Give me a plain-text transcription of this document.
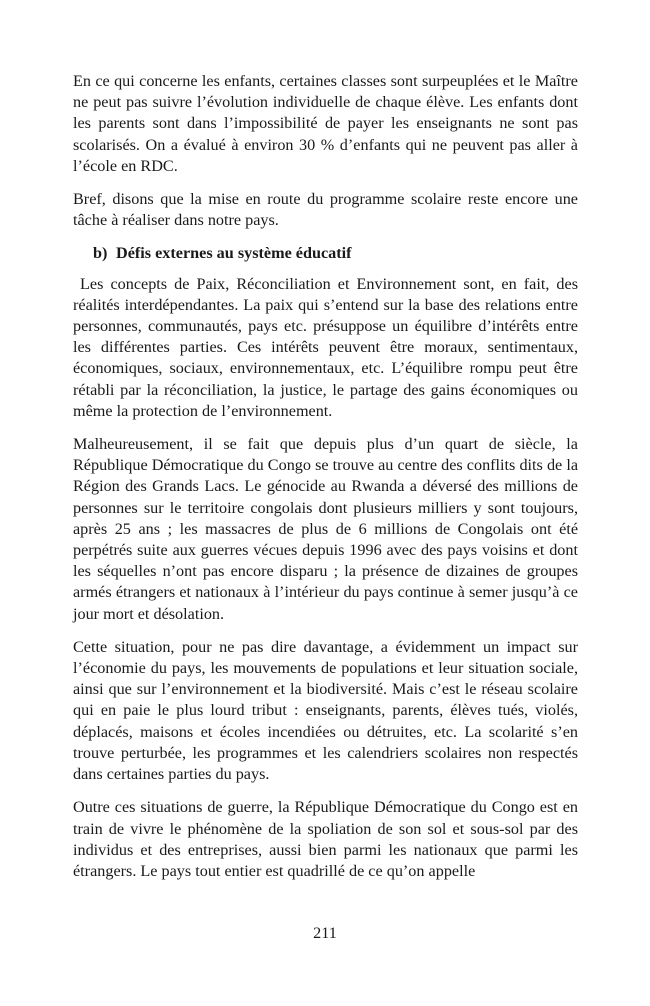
En ce qui concerne les enfants, certaines classes sont surpeuplées et le Maître ne peut pas suivre l’évolution individuelle de chaque élève. Les enfants dont les parents sont dans l’impossibilité de payer les enseignants ne sont pas scolarisés. On a évalué à environ 30 % d’enfants qui ne peuvent pas aller à l’école en RDC.

Bref, disons que la mise en route du programme scolaire reste encore une tâche à réaliser dans notre pays.

b) Défis externes au système éducatif

Les concepts de Paix, Réconciliation et Environnement sont, en fait, des réalités interdépendantes. La paix qui s’entend sur la base des relations entre personnes, communautés, pays etc. présuppose un équilibre d’intérêts entre les différentes parties. Ces intérêts peuvent être moraux, sentimentaux, économiques, sociaux, environnementaux, etc. L’équilibre rompu peut être rétabli par la réconciliation, la justice, le partage des gains économiques ou même la protection de l’environnement.

Malheureusement, il se fait que depuis plus d’un quart de siècle, la République Démocratique du Congo se trouve au centre des conflits dits de la Région des Grands Lacs. Le génocide au Rwanda a déversé des millions de personnes sur le territoire congolais dont plusieurs milliers y sont toujours, après 25 ans ; les massacres de plus de 6 millions de Congolais ont été perpétrés suite aux guerres vécues depuis 1996 avec des pays voisins et dont les séquelles n’ont pas encore disparu ; la présence de dizaines de groupes armés étrangers et nationaux à l’intérieur du pays continue à semer jusqu’à ce jour mort et désolation.

Cette situation, pour ne pas dire davantage, a évidemment un impact sur l’économie du pays, les mouvements de populations et leur situation sociale, ainsi que sur l’environnement et la biodiversité. Mais c’est le réseau scolaire qui en paie le plus lourd tribut : enseignants, parents, élèves tués, violés, déplacés, maisons et écoles incendiées ou détruites, etc. La scolarité s’en trouve perturbée, les programmes et les calendriers scolaires non respectés dans certaines parties du pays.

Outre ces situations de guerre, la République Démocratique du Congo est en train de vivre le phénomène de la spoliation de son sol et sous-sol par des individus et des entreprises, aussi bien parmi les nationaux que parmi les étrangers. Le pays tout entier est quadrillé de ce qu’on appelle

211
